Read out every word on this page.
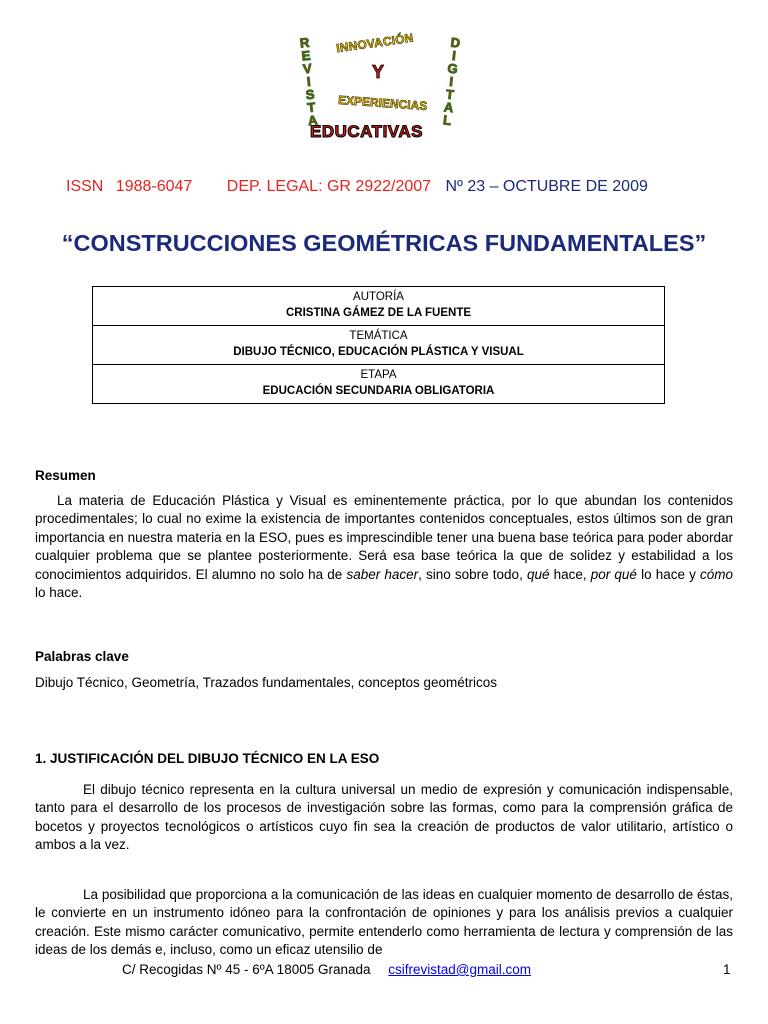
R
E
V
I
S
T
A
D
I
G
I
T
A
L
INNOVACIÓN
Y
EXPERIENCIAS
EDUCATIVAS
ISSN 1988-6047 DEP. LEGAL: GR 2922/2007 Nº 23 – OCTUBRE DE 2009
“CONSTRUCCIONES GEOMÉTRICAS FUNDAMENTALES”
AUTORÍA
CRISTINA GÁMEZ DE LA FUENTE

TEMÁTICA
DIBUJO TÉCNICO, EDUCACIÓN PLÁSTICA Y VISUAL

ETAPA
EDUCACIÓN SECUNDARIA OBLIGATORIA
Resumen
La materia de Educación Plástica y Visual es eminentemente práctica, por lo que abundan los contenidos procedimentales; lo cual no exime la existencia de importantes contenidos conceptuales, estos últimos son de gran importancia en nuestra materia en la ESO, pues es imprescindible tener una buena base teórica para poder abordar cualquier problema que se plantee posteriormente. Será esa base teórica la que de solidez y estabilidad a los conocimientos adquiridos. El alumno no solo ha de saber hacer, sino sobre todo, qué hace, por qué lo hace y cómo lo hace.
Palabras clave
Dibujo Técnico, Geometría, Trazados fundamentales, conceptos geométricos
1. JUSTIFICACIÓN DEL DIBUJO TÉCNICO EN LA ESO
El dibujo técnico representa en la cultura universal un medio de expresión y comunicación indispensable, tanto para el desarrollo de los procesos de investigación sobre las formas, como para la comprensión gráfica de bocetos y proyectos tecnológicos o artísticos cuyo fin sea la creación de productos de valor utilitario, artístico o ambos a la vez.
La posibilidad que proporciona a la comunicación de las ideas en cualquier momento de desarrollo de éstas, le convierte en un instrumento idóneo para la confrontación de opiniones y para los análisis previos a cualquier creación. Este mismo carácter comunicativo, permite entenderlo como herramienta de lectura y comprensión de las ideas de los demás e, incluso, como un eficaz utensilio de
C/ Recogidas Nº 45 - 6ºA 18005 Granada csifrevistad@gmail.com	1
